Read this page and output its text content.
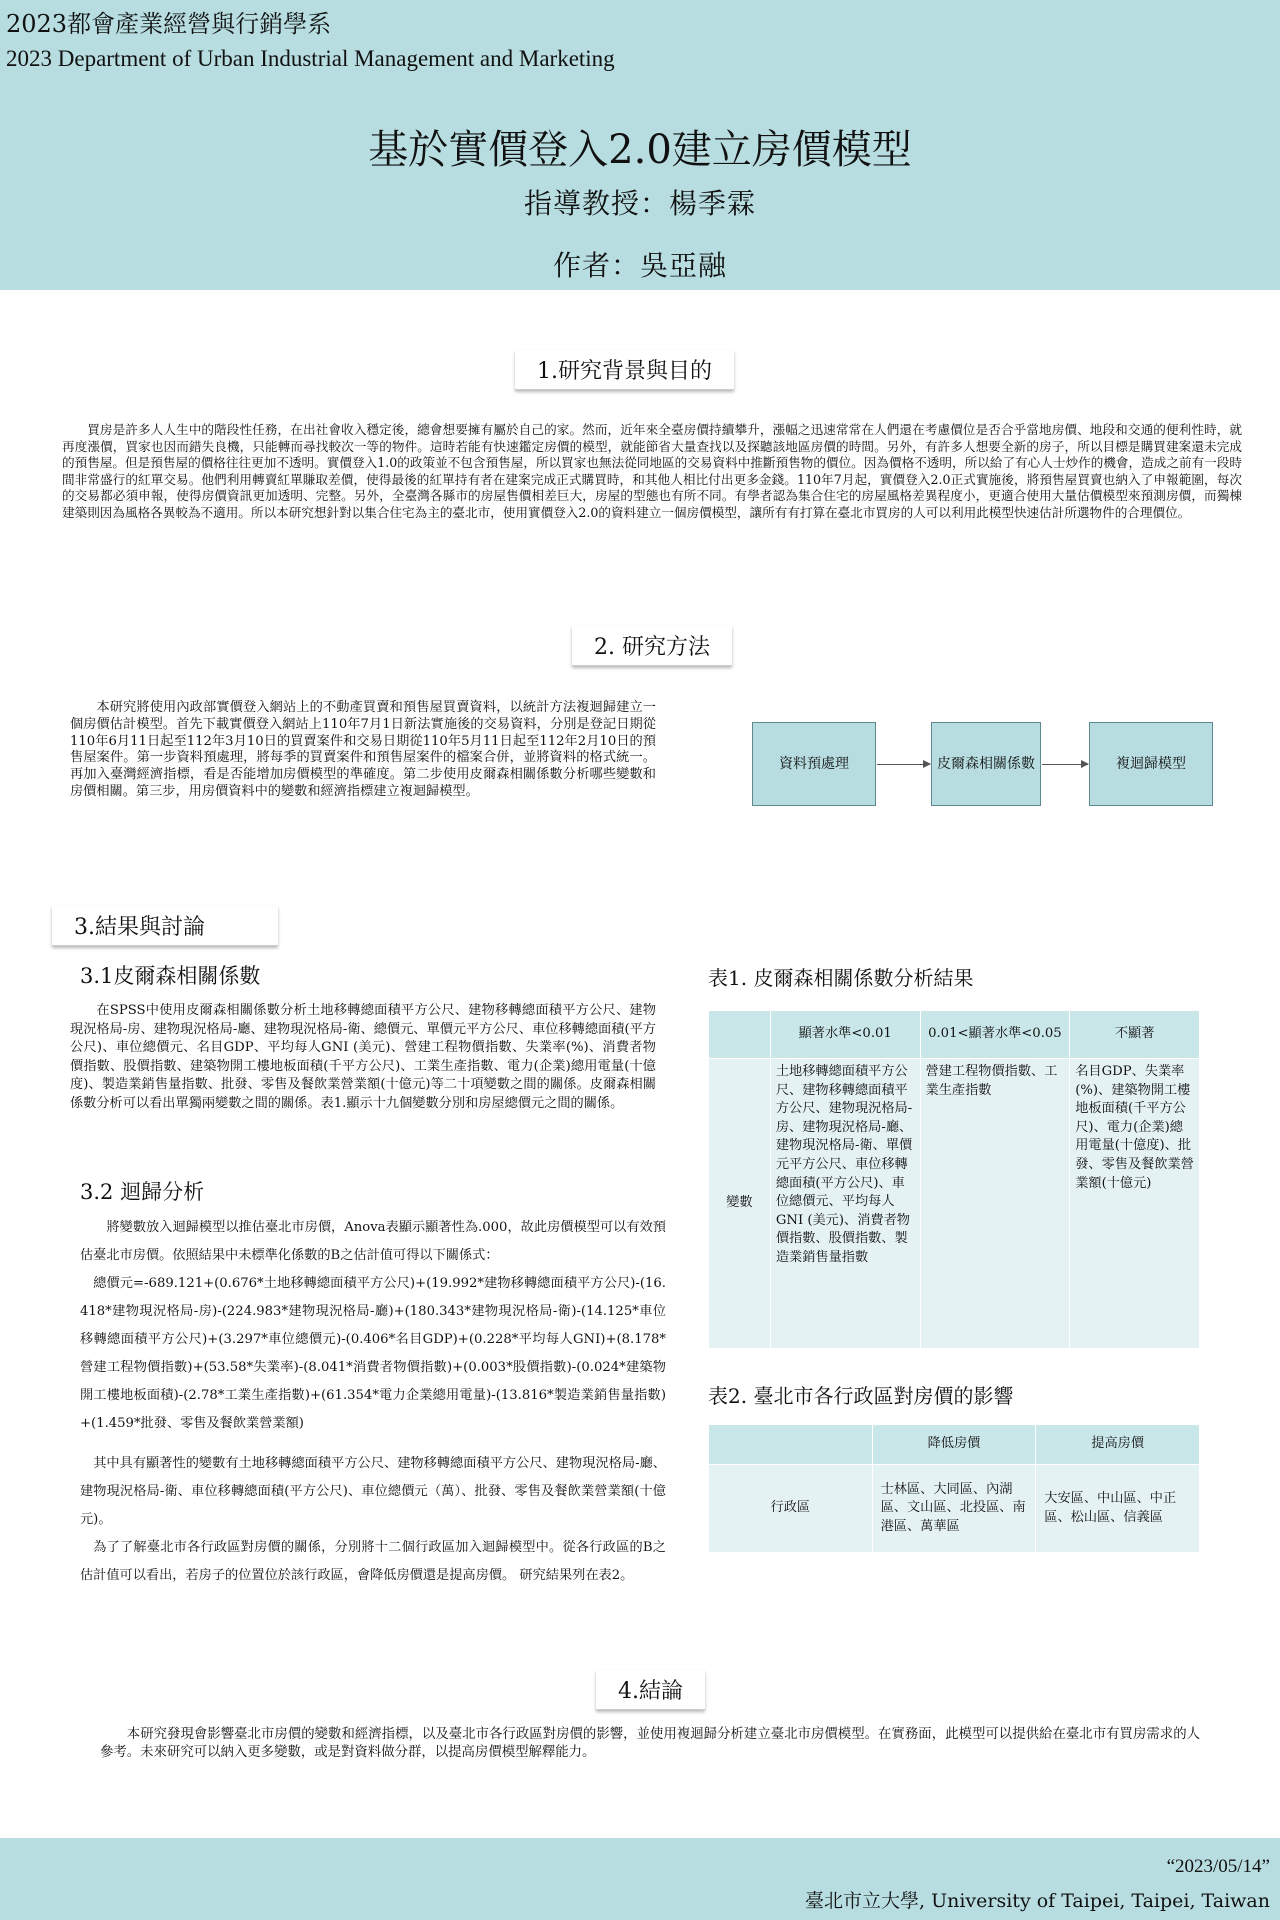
2023都會產業經營與行銷學系
2023 Department of Urban Industrial Management and Marketing
基於實價登入2.0建立房價模型
指導教授：楊季霖
作者：吳亞融
1.研究背景與目的

買房是許多人人生中的階段性任務，在出社會收入穩定後，總會想要擁有屬於自己的家。然而，近年來全臺房價持續攀升，漲幅之迅速常常在人們還在考慮價位是否合乎當地房價、地段和交通的便利性時，就再度漲價，買家也因而錯失良機，只能轉而尋找較次一等的物件。這時若能有快速鑑定房價的模型，就能節省大量查找以及探聽該地區房價的時間。另外，有許多人想要全新的房子，所以目標是購買建案還未完成的預售屋。但是預售屋的價格往往更加不透明。實價登入1.0的政策並不包含預售屋，所以買家也無法從同地區的交易資料中推斷預售物的價位。因為價格不透明，所以給了有心人士炒作的機會，造成之前有一段時間非常盛行的紅單交易。他們利用轉賣紅單賺取差價，使得最後的紅單持有者在建案完成正式購買時，和其他人相比付出更多金錢。110年7月起，實價登入2.0正式實施後，將預售屋買賣也納入了申報範圍，每次的交易都必須申報，使得房價資訊更加透明、完整。另外，全臺灣各縣市的房屋售價相差巨大，房屋的型態也有所不同。有學者認為集合住宅的房屋風格差異程度小，更適合使用大量估價模型來預測房價，而獨棟建築則因為風格各異較為不適用。所以本研究想針對以集合住宅為主的臺北市，使用實價登入2.0的資料建立一個房價模型，讓所有有打算在臺北市買房的人可以利用此模型快速估計所選物件的合理價位。

2. 研究方法

本研究將使用內政部實價登入網站上的不動產買賣和預售屋買賣資料，以統計方法複迴歸建立一個房價估計模型。首先下載實價登入網站上110年7月1日新法實施後的交易資料，分別是登記日期從110年6月11日起至112年3月10日的買賣案件和交易日期從110年5月11日起至112年2月10日的預售屋案件。第一步資料預處理，將每季的買賣案件和預售屋案件的檔案合併，並將資料的格式統一。再加入臺灣經濟指標，看是否能增加房價模型的準確度。第二步使用皮爾森相關係數分析哪些變數和房價相關。第三步，用房價資料中的變數和經濟指標建立複迴歸模型。

資料預處理	皮爾森相關係數	複迴歸模型
3.結果與討論
3.1皮爾森相關係數

在SPSS中使用皮爾森相關係數分析土地移轉總面積平方公尺、建物移轉總面積平方公尺、建物現況格局-房、建物現況格局-廳、建物現況格局-衛、總價元、單價元平方公尺、車位移轉總面積(平方公尺)、車位總價元、名目GDP、平均每人GNI (美元)、營建工程物價指數、失業率(%)、消費者物價指數、股價指數、建築物開工樓地板面積(千平方公尺)、工業生產指數、電力(企業)總用電量(十億度)、製造業銷售量指數、批發、零售及餐飲業營業額(十億元)等二十項變數之間的關係。皮爾森相關係數分析可以看出單獨兩變數之間的關係。表1.顯示十九個變數分別和房屋總價元之間的關係。

3.2 迴歸分析

將變數放入迴歸模型以推估臺北市房價，Anova表顯示顯著性為.000，故此房價模型可以有效預估臺北市房價。依照結果中未標準化係數的B之估計值可得以下關係式：

總價元=-689.121+(0.676*土地移轉總面積平方公尺)+(19.992*建物移轉總面積平方公尺)-(16.418*建物現況格局-房)-(224.983*建物現況格局-廳)+(180.343*建物現況格局-衛)-(14.125*車位移轉總面積平方公尺)+(3.297*車位總價元)-(0.406*名目GDP)+(0.228*平均每人GNI)+(8.178*營建工程物價指數)+(53.58*失業率)-(8.041*消費者物價指數)+(0.003*股價指數)-(0.024*建築物開工樓地板面積)-(2.78*工業生產指數)+(61.354*電力企業總用電量)-(13.816*製造業銷售量指數)+(1.459*批發、零售及餐飲業營業額)

其中具有顯著性的變數有土地移轉總面積平方公尺、建物移轉總面積平方公尺、建物現況格局-廳、建物現況格局-衛、車位移轉總面積(平方公尺)、車位總價元（萬）、批發、零售及餐飲業營業額(十億元)。

為了了解臺北市各行政區對房價的關係，分別將十二個行政區加入迴歸模型中。從各行政區的B之估計值可以看出，若房子的位置位於該行政區，會降低房價還是提高房價。 研究結果列在表2。

表1. 皮爾森相關係數分析結果
	顯著水準<0.01	0.01<顯著水準<0.05	不顯著
變數	土地移轉總面積平方公尺、建物移轉總面積平方公尺、建物現況格局-房、建物現況格局-廳、建物現況格局-衛、單價元平方公尺、車位移轉總面積(平方公尺)、車位總價元、平均每人GNI (美元)、消費者物價指數、股價指數、製造業銷售量指數	營建工程物價指數、工業生產指數	名目GDP、失業率(%)、建築物開工樓地板面積(千平方公尺)、電力(企業)總用電量(十億度)、批發、零售及餐飲業營業額(十億元)
表2. 臺北市各行政區對房價的影響
	降低房價	提高房價
行政區	士林區、大同區、內湖區、文山區、北投區、南港區、萬華區	大安區、中山區、中正區、松山區、信義區
4.結論

本研究發現會影響臺北市房價的變數和經濟指標，以及臺北市各行政區對房價的影響，並使用複迴歸分析建立臺北市房價模型。在實務面，此模型可以提供給在臺北市有買房需求的人參考。未來研究可以納入更多變數，或是對資料做分群，以提高房價模型解釋能力。

“2023/05/14”
臺北市立大學, University of Taipei, Taipei, Taiwan
